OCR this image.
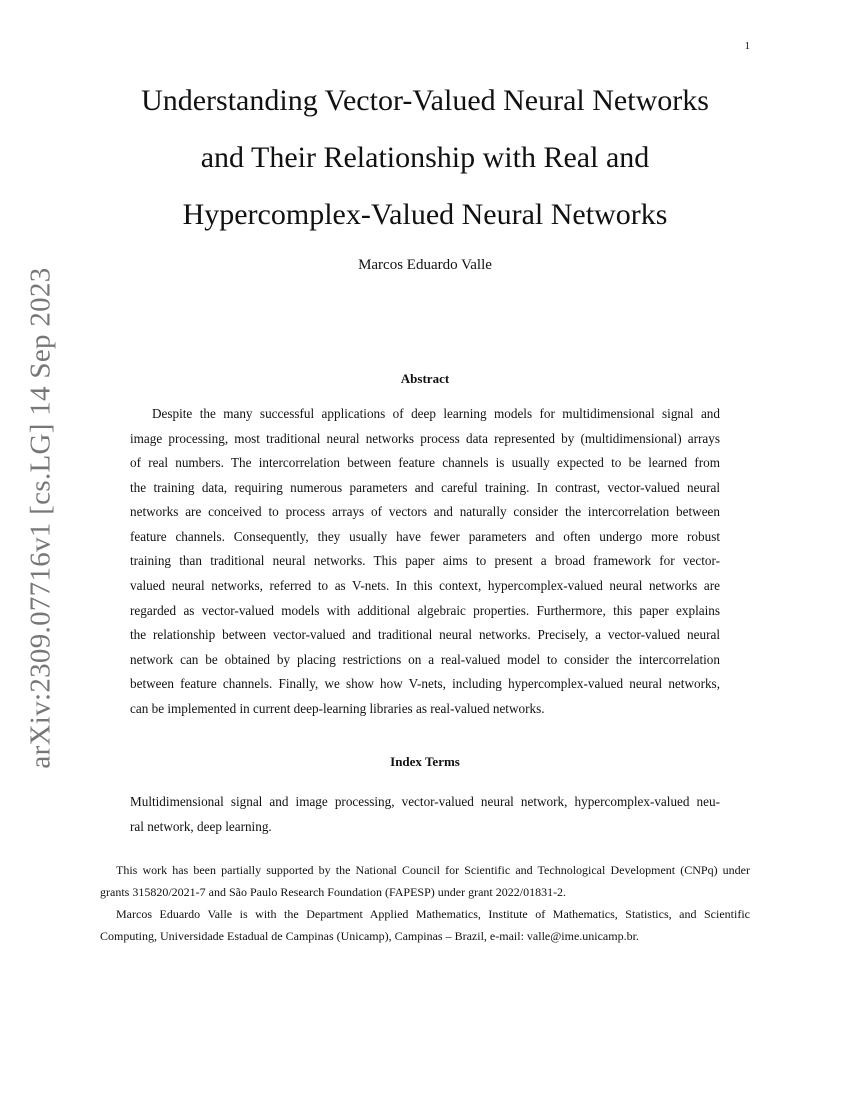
1
arXiv:2309.07716v1 [cs.LG] 14 Sep 2023
Understanding Vector-Valued Neural Networks
and Their Relationship with Real and
Hypercomplex-Valued Neural Networks
Marcos Eduardo Valle
Abstract
Despite the many successful applications of deep learning models for multidimensional signal and
image processing, most traditional neural networks process data represented by (multidimensional) arrays
of real numbers. The intercorrelation between feature channels is usually expected to be learned from
the training data, requiring numerous parameters and careful training. In contrast, vector-valued neural
networks are conceived to process arrays of vectors and naturally consider the intercorrelation between
feature channels. Consequently, they usually have fewer parameters and often undergo more robust
training than traditional neural networks. This paper aims to present a broad framework for vector-
valued neural networks, referred to as V-nets. In this context, hypercomplex-valued neural networks are
regarded as vector-valued models with additional algebraic properties. Furthermore, this paper explains
the relationship between vector-valued and traditional neural networks. Precisely, a vector-valued neural
network can be obtained by placing restrictions on a real-valued model to consider the intercorrelation
between feature channels. Finally, we show how V-nets, including hypercomplex-valued neural networks,
can be implemented in current deep-learning libraries as real-valued networks.
Index Terms
Multidimensional signal and image processing, vector-valued neural network, hypercomplex-valued neu-
ral network, deep learning.
This work has been partially supported by the National Council for Scientific and Technological Development (CNPq) under
grants 315820/2021-7 and São Paulo Research Foundation (FAPESP) under grant 2022/01831-2.
Marcos Eduardo Valle is with the Department Applied Mathematics, Institute of Mathematics, Statistics, and Scientific
Computing, Universidade Estadual de Campinas (Unicamp), Campinas – Brazil, e-mail: valle@ime.unicamp.br.
